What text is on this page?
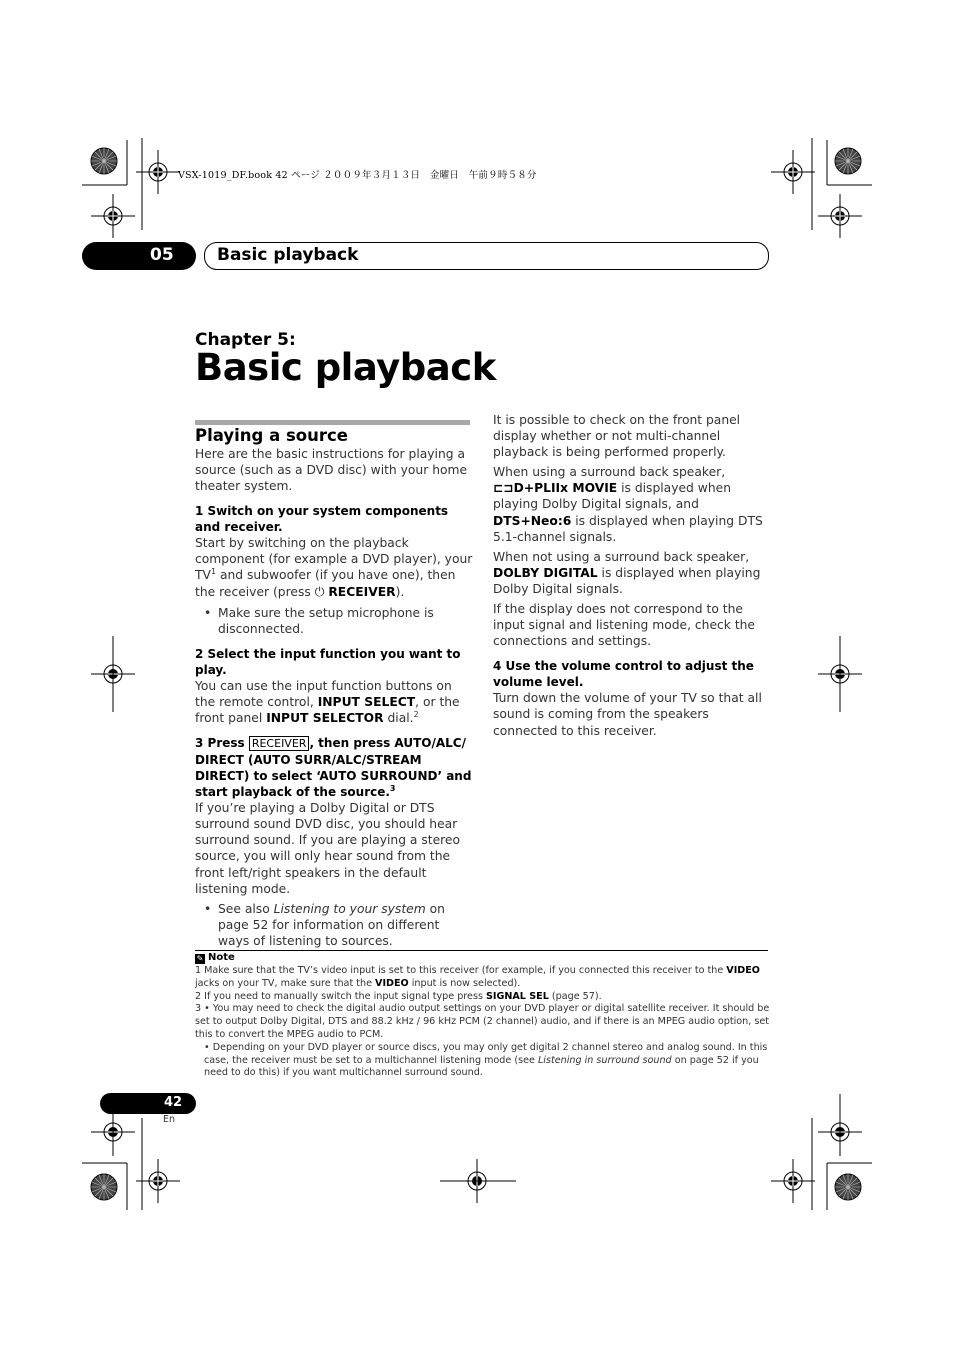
VSX-1019_DF.book 42 ページ ２００９年３月１３日　金曜日　午前９時５８分
05	Basic playback
Chapter 5:
Basic playback

Playing a source

Here are the basic instructions for playing a source (such as a DVD disc) with your home theater system.

1 Switch on your system components and receiver.

Start by switching on the playback component (for example a DVD player), your $TV^1$ and subwoofer (if you have one), then the receiver (press ⏻ RECEIVER).

• Make sure the setup microphone is disconnected.

2 Select the input function you want to play.

You can use the input function buttons on the remote control, INPUT SELECT, or the front panel INPUT SELECTOR dial.$^2$

3 Press RECEIVER , then press AUTO/ALC/ DIRECT (AUTO SURR/ALC/STREAM DIRECT) to select ‘AUTO SURROUND’ and start playback of the source.$^3$

If you’re playing a Dolby Digital or DTS surround sound DVD disc, you should hear surround sound. If you are playing a stereo source, you will only hear sound from the front left/right speakers in the default listening mode.

• See also Listening to your system on page 52 for information on different ways of listening to sources.

It is possible to check on the front panel display whether or not multi-channel playback is being performed properly.

When using a surround back speaker, ⊏⊐D+PLIIx MOVIE is displayed when playing Dolby Digital signals, and DTS+Neo:6 is displayed when playing DTS 5.1-channel signals.

When not using a surround back speaker, DOLBY DIGITAL is displayed when playing Dolby Digital signals.

If the display does not correspond to the input signal and listening mode, check the connections and settings.

4 Use the volume control to adjust the volume level.

Turn down the volume of your TV so that all sound is coming from the speakers connected to this receiver.

✎ Note

1 Make sure that the TV’s video input is set to this receiver (for example, if you connected this receiver to the VIDEO jacks on your TV, make sure that the VIDEO input is now selected).

2 If you need to manually switch the input signal type press SIGNAL SEL (page 57).

3 • You may need to check the digital audio output settings on your DVD player or digital satellite receiver. It should be set to output Dolby Digital, DTS and 88.2 kHz / 96 kHz PCM (2 channel) audio, and if there is an MPEG audio option, set this to convert the MPEG audio to PCM.

• Depending on your DVD player or source discs, you may only get digital 2 channel stereo and analog sound. In this case, the receiver must be set to a multichannel listening mode (see Listening in surround sound on page 52 if you need to do this) if you want multichannel surround sound.

42
En
